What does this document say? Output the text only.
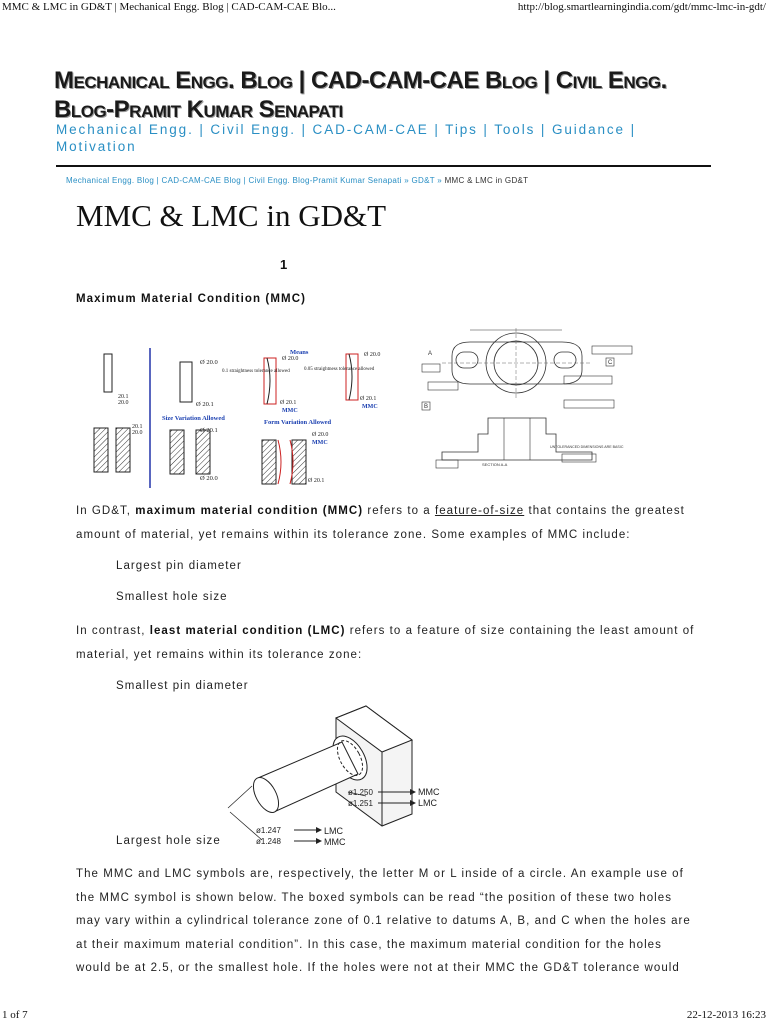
MMC & LMC in GD&T | Mechanical Engg. Blog | CAD-CAM-CAE Blo...	http://blog.smartlearningindia.com/gdt/mmc-lmc-in-gdt/
Mechanical Engg. Blog | CAD-CAM-CAE Blog | Civil Engg. Blog-Pramit Kumar Senapati
Mechanical Engg. | Civil Engg. | CAD-CAM-CAE | Tips | Tools | Guidance | Motivation
Mechanical Engg. Blog | CAD-CAM-CAE Blog | Civil Engg. Blog-Pramit Kumar Senapati » GD&T » MMC & LMC in GD&T
MMC & LMC in GD&T
1
Maximum Material Condition (MMC)
20.1
20.0
20.1
20.0
Ø 20.0
Ø 20.1
Size Variation Allowed
Ø 20.1
Ø 20.0
Means
Ø 20.0
Ø 20.1
MMC
0.1 straightness tolerance allowed
Ø 20.0
Ø 20.1
MMC
0.05 straightness tolerance allowed
Form Variation Allowed
Ø 20.0
MMC
Ø 20.1
A
B
C
SECTION A-A
UNTOLERANCED DIMENSIONS ARE BASIC
In GD&T, maximum material condition (MMC) refers to a feature-of-size that contains the greatest amount of material, yet remains within its tolerance zone. Some examples of MMC include:
Largest pin diameter
Smallest hole size
In contrast, least material condition (LMC) refers to a feature of size containing the least amount of material, yet remains within its tolerance zone:
Smallest pin diameter
ø1.250
ø1.251
MMC
LMC
ø1.247
ø1.248
LMC
MMC
Largest hole size
The MMC and LMC symbols are, respectively, the letter M or L inside of a circle. An example use of the MMC symbol is shown below. The boxed symbols can be read “the position of these two holes may vary within a cylindrical tolerance zone of 0.1 relative to datums A, B, and C when the holes are at their maximum material condition”. In this case, the maximum material condition for the holes would be at 2.5, or the smallest hole. If the holes were not at their MMC the GD&T tolerance would
1 of 7	22-12-2013 16:23
